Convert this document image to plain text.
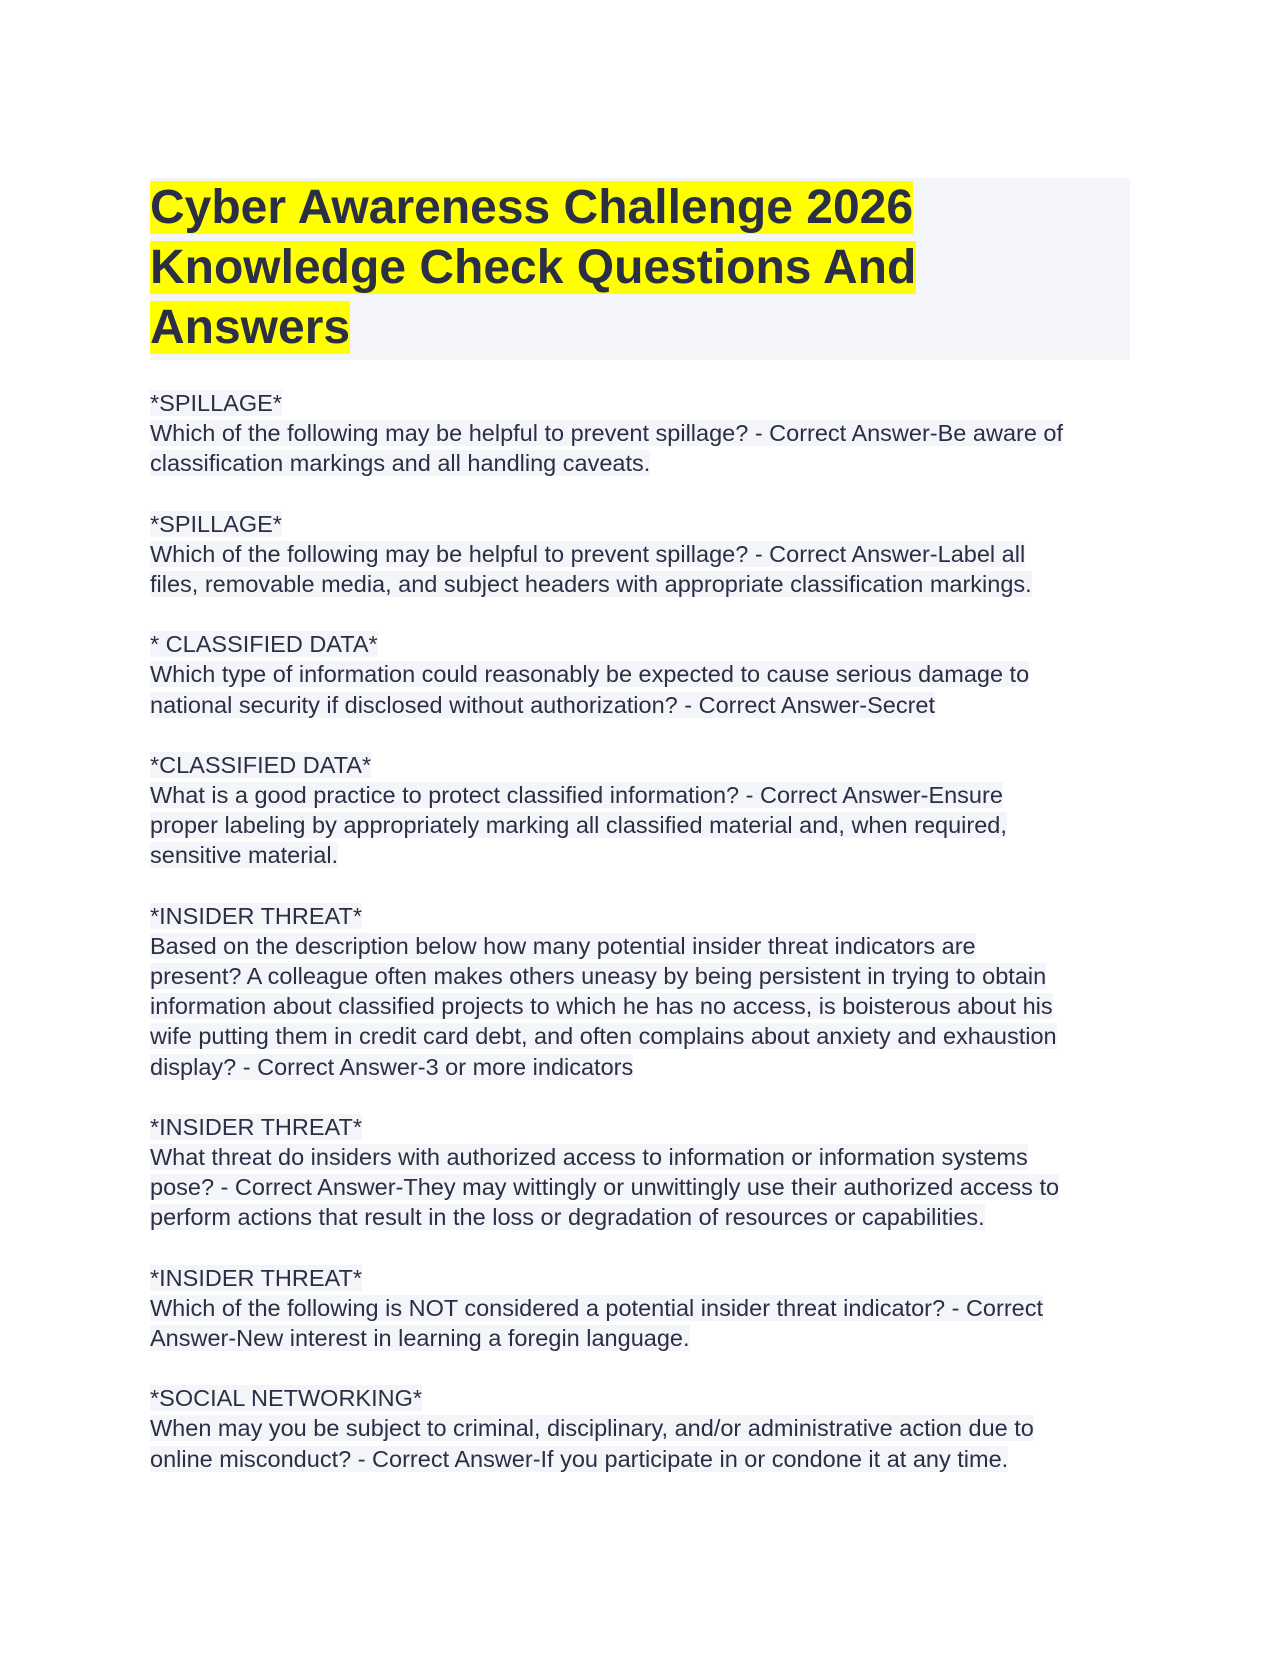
Cyber Awareness Challenge 2026
Knowledge Check Questions And
Answers

*SPILLAGE*

Which of the following may be helpful to prevent spillage? - Correct Answer-Be aware of

classification markings and all handling caveats.

*SPILLAGE*

Which of the following may be helpful to prevent spillage? - Correct Answer-Label all

files, removable media, and subject headers with appropriate classification markings.

* CLASSIFIED DATA*

Which type of information could reasonably be expected to cause serious damage to

national security if disclosed without authorization? - Correct Answer-Secret

*CLASSIFIED DATA*

What is a good practice to protect classified information? - Correct Answer-Ensure

proper labeling by appropriately marking all classified material and, when required,

sensitive material.

*INSIDER THREAT*

Based on the description below how many potential insider threat indicators are

present? A colleague often makes others uneasy by being persistent in trying to obtain

information about classified projects to which he has no access, is boisterous about his

wife putting them in credit card debt, and often complains about anxiety and exhaustion

display? - Correct Answer-3 or more indicators

*INSIDER THREAT*

What threat do insiders with authorized access to information or information systems

pose? - Correct Answer-They may wittingly or unwittingly use their authorized access to

perform actions that result in the loss or degradation of resources or capabilities.

*INSIDER THREAT*

Which of the following is NOT considered a potential insider threat indicator? - Correct

Answer-New interest in learning a foregin language.

*SOCIAL NETWORKING*

When may you be subject to criminal, disciplinary, and/or administrative action due to

online misconduct? - Correct Answer-If you participate in or condone it at any time.
